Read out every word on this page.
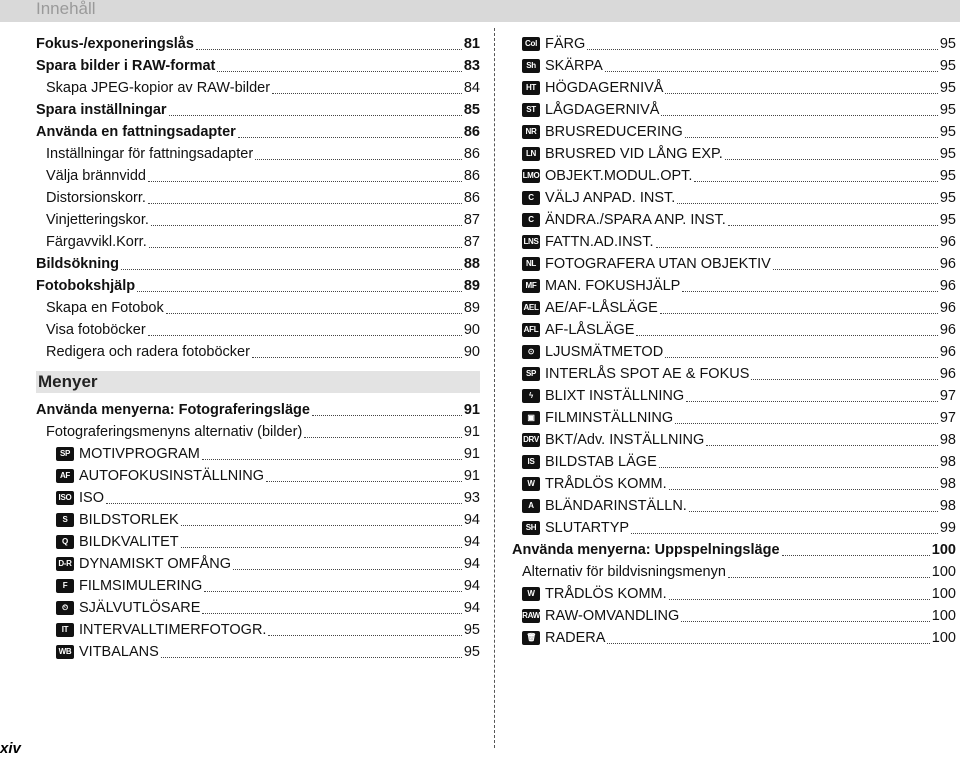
Innehåll
Fokus-/exponeringslås	81
Spara bilder i RAW-format	83
Skapa JPEG-kopior av RAW-bilder	84
Spara inställningar	85
Använda en fattningsadapter	86
Inställningar för fattningsadapter	86
Välja brännvidd	86
Distorsionskorr.	86
Vinjetteringskor.	87
Färgavvikl.Korr.	87
Bildsökning	88
Fotobokshjälp	89
Skapa en Fotobok	89
Visa fotoböcker	90
Redigera och radera fotoböcker	90
Menyer
Använda menyerna: Fotograferingsläge	91
Fotograferingsmenyns alternativ (bilder)	91
SP MOTIVPROGRAM	91
AF AUTOFOKUSINSTÄLLNING	91
ISO ISO	93
S BILDSTORLEK	94
Q BILDKVALITET	94
D-R DYNAMISKT OMFÅNG	94
F FILMSIMULERING	94
⏲ SJÄLVUTLÖSARE	94
IT INTERVALLTIMERFOTOGR.	95
WB VITBALANS	95
Col FÄRG	95
Sh SKÄRPA	95
HT HÖGDAGERNIVÅ	95
ST LÅGDAGERNIVÅ	95
NR BRUSREDUCERING	95
LN BRUSRED VID LÅNG EXP.	95
LMO OBJEKT.MODUL.OPT.	95
C VÄLJ ANPAD. INST.	95
C ÄNDRA./SPARA ANP. INST.	95
LNS FATTN.AD.INST.	96
NL FOTOGRAFERA UTAN OBJEKTIV	96
MF MAN. FOKUSHJÄLP	96
AEL AE/AF-LÅSLÄGE	96
AFL AF-LÅSLÄGE	96
⊙ LJUSMÄTMETOD	96
SP INTERLÅS SPOT AE & FOKUS	96
ϟ BLIXT INSTÄLLNING	97
▣ FILMINSTÄLLNING	97
DRV BKT/Adv. INSTÄLLNING	98
IS BILDSTAB LÄGE	98
W TRÅDLÖS KOMM.	98
A BLÄNDARINSTÄLLN.	98
SH SLUTARTYP	99
Använda menyerna: Uppspelningsläge	100
Alternativ för bildvisningsmenyn	100
W TRÅDLÖS KOMM.	100
RAW RAW-OMVANDLING	100
🗑 RADERA	100
xiv
